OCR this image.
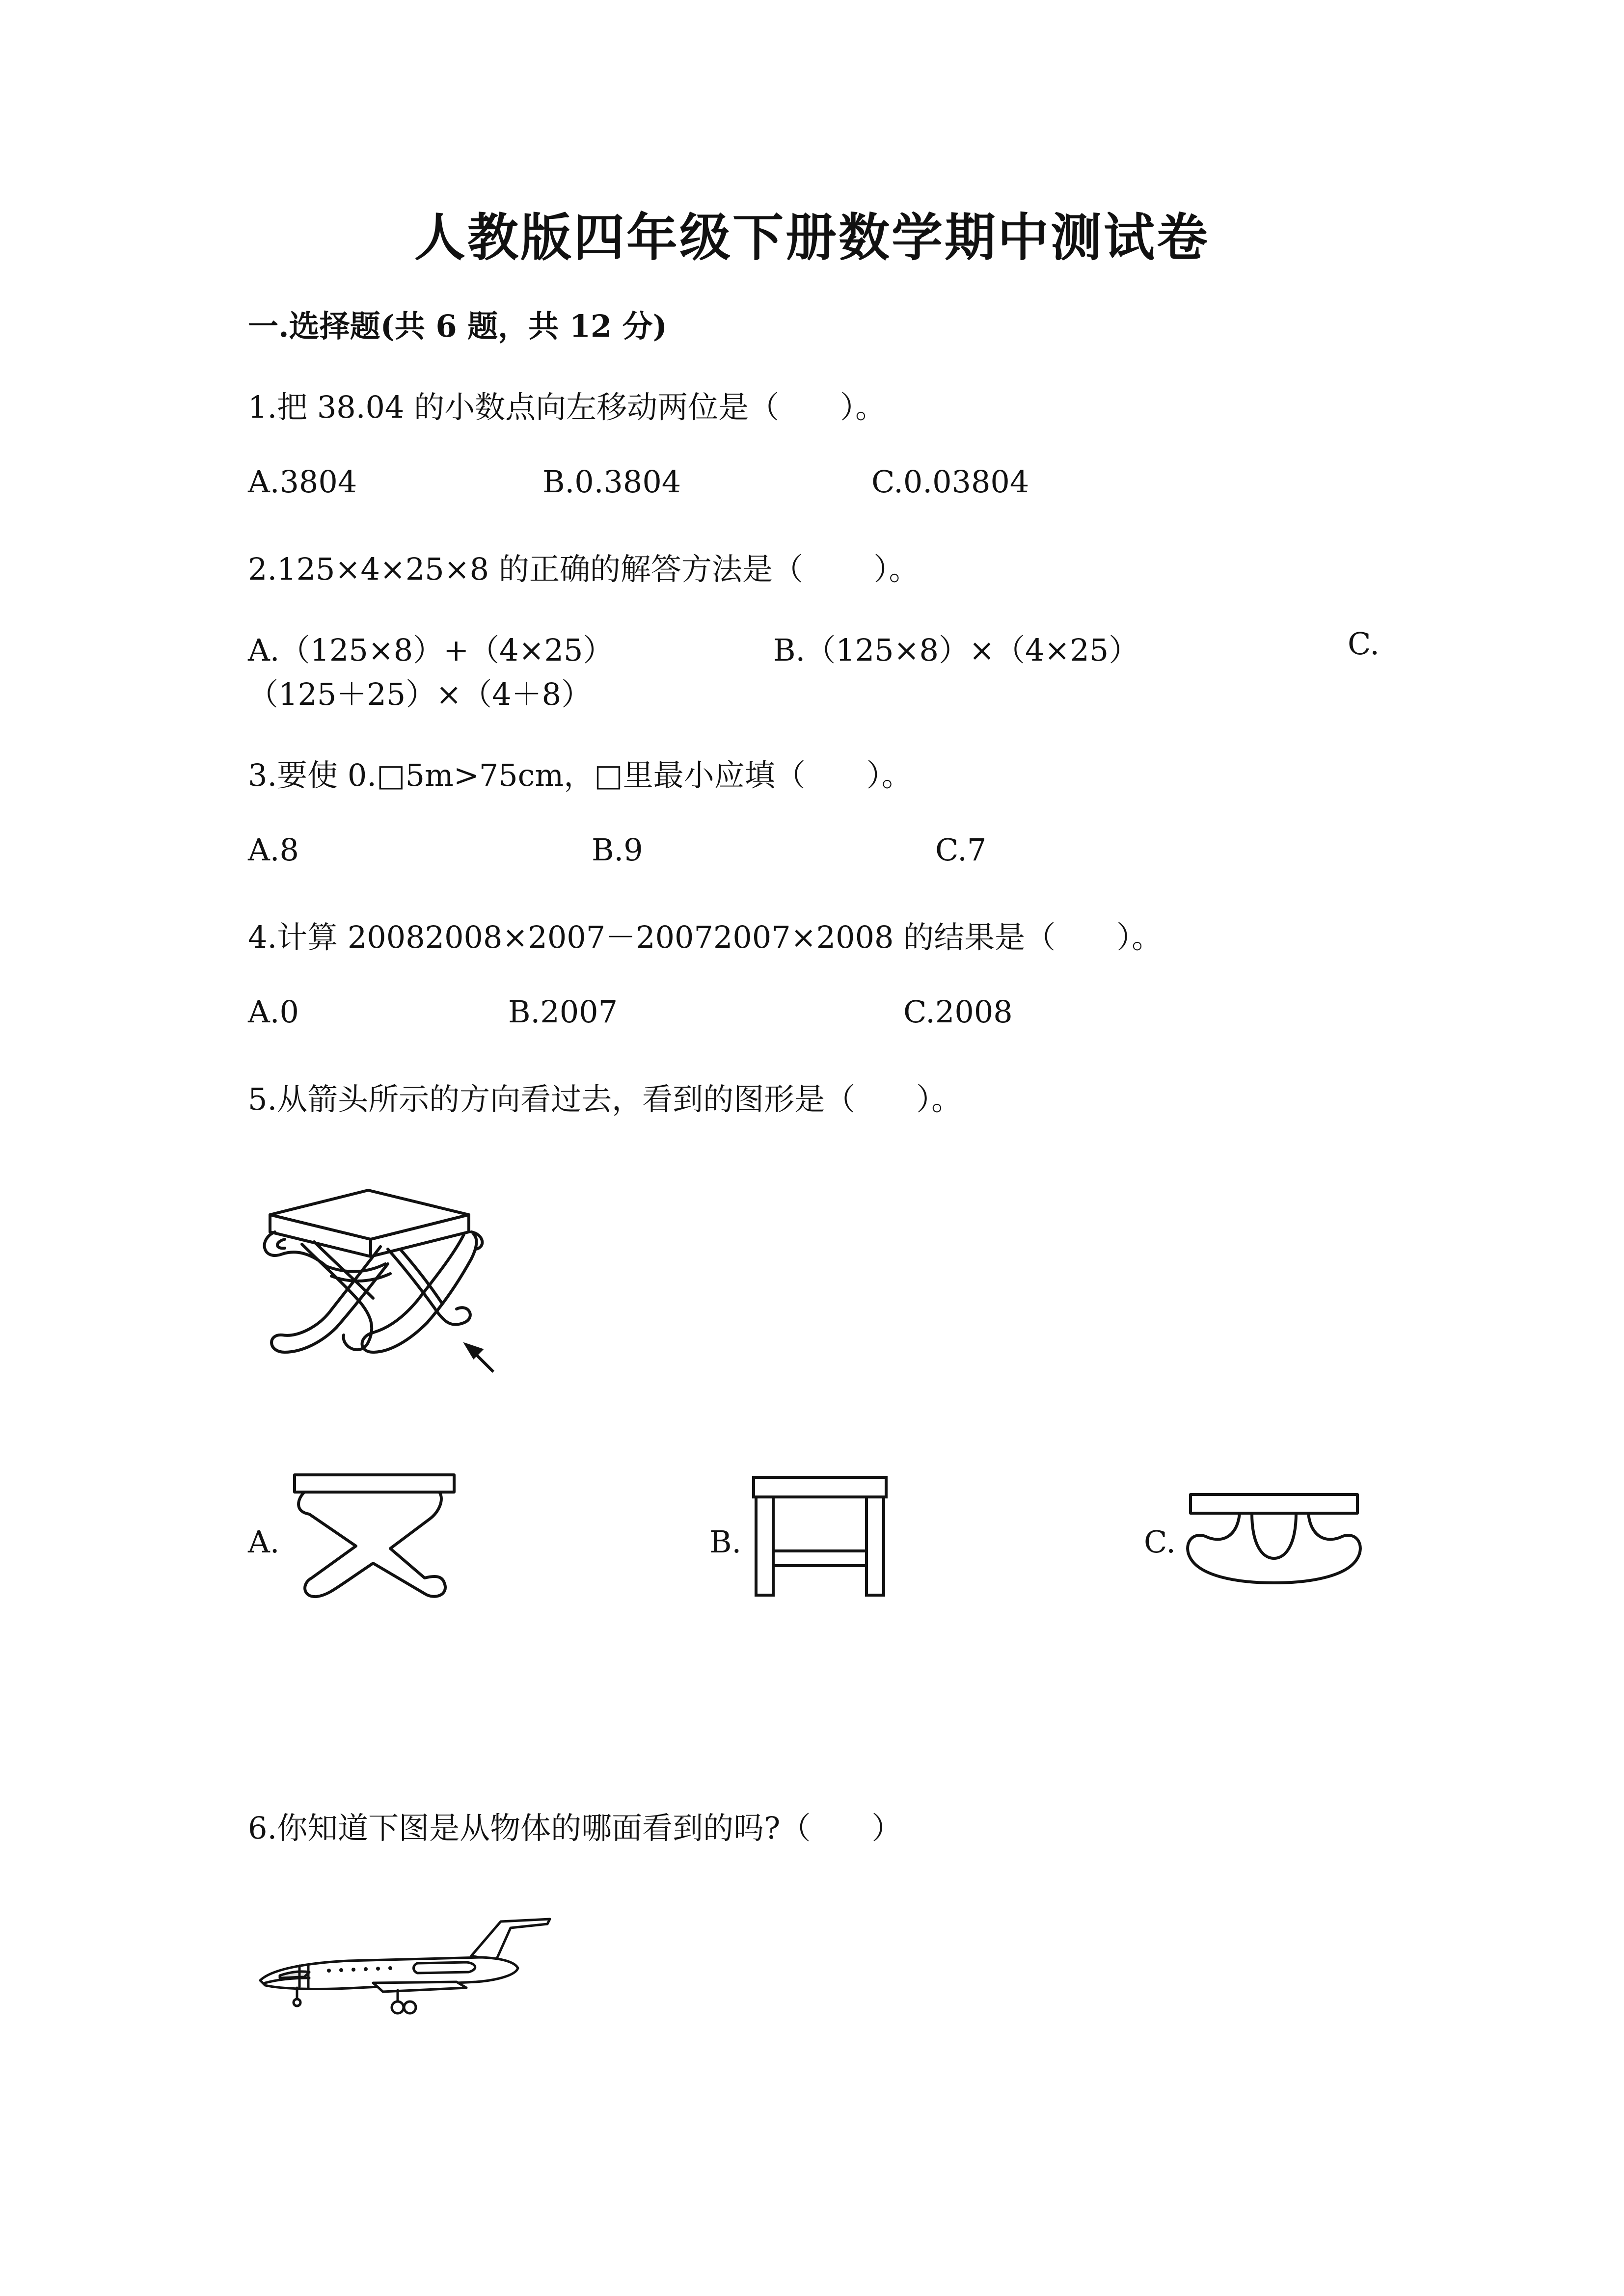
人教版四年级下册数学期中测试卷
一.选择题(共 6 题，共 12 分)
1.把 38.04 的小数点向左移动两位是（　　）。
A.3804	B.0.3804	C.0.03804
2.125×4×25×8 的正确的解答方法是（　　 ）。
A.（125×8）+（4×25）	B.（125×8）×（4×25）	C.
（125＋25）×（4＋8）
3.要使 0.□5m>75cm，□里最小应填（　　）。
A.8	B.9	C.7
4.计算 20082008×2007－20072007×2008 的结果是（　　）。
A.0	B.2007	C.2008
5.从箭头所示的方向看过去，看到的图形是（　　）。
A.	B.	C.
6.你知道下图是从物体的哪面看到的吗?（　　）
